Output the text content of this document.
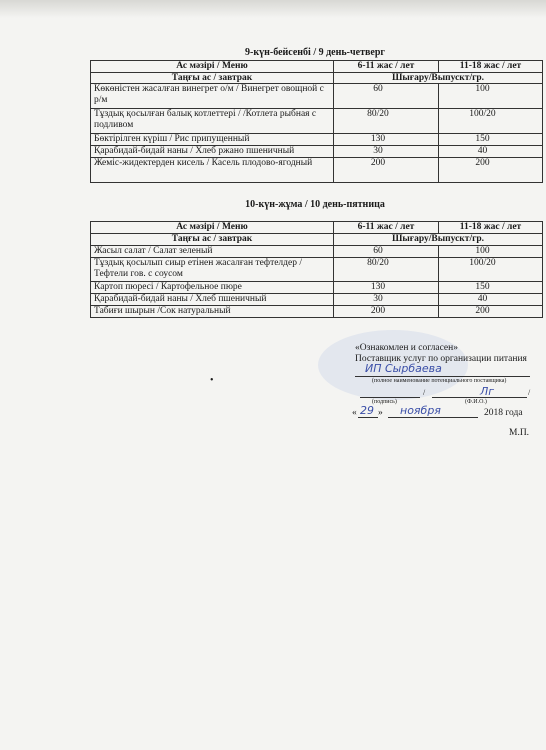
9-күн-бейсенбі / 9 день-четверг
Ас мәзірі / Меню	6-11 жас / лет	11-18 жас / лет
Таңғы ас / завтрак	Шығару/Выпускт/гр.	
Көкөністен жасалған винегрет о/м / Винегрет овощной с р/м	60	100
Тұздық қосылған балық котлеттері / /Котлета рыбная с подливом	80/20	100/20
Бөктірілген күріш / Рис припущенный	130	150
Қарабидай-бидай наны / Хлеб ржано пшеничный	30	40
Жеміс-жидектерден кисель / Касель плодово-ягодный	200	200
10-күн-жұма / 10 день-пятница
Ас мәзірі / Меню	6-11 жас / лет	11-18 жас / лет
Таңғы ас / завтрак	Шығару/Выпускт/гр.	
Жасыл салат / Салат зеленый	60	100
Тұздық қосылып сиыр етінен жасалған тефтелдер / Тефтели гов. с соусом	80/20	100/20
Картоп пюресі / Картофельное пюре	130	150
Қарабидай-бидай наны / Хлеб пшеничный	30	40
Табиғи шырын /Сок натуральный	200	200
«Ознакомлен и согласен»
Поставщик услуг по организации питания
ИП Сырбаева
(полное наименование потенциального поставщика)
/	Лг	/
(подпись)	(Ф.И.О.)
« 29 » ноября	2018 года
М.П.
•
